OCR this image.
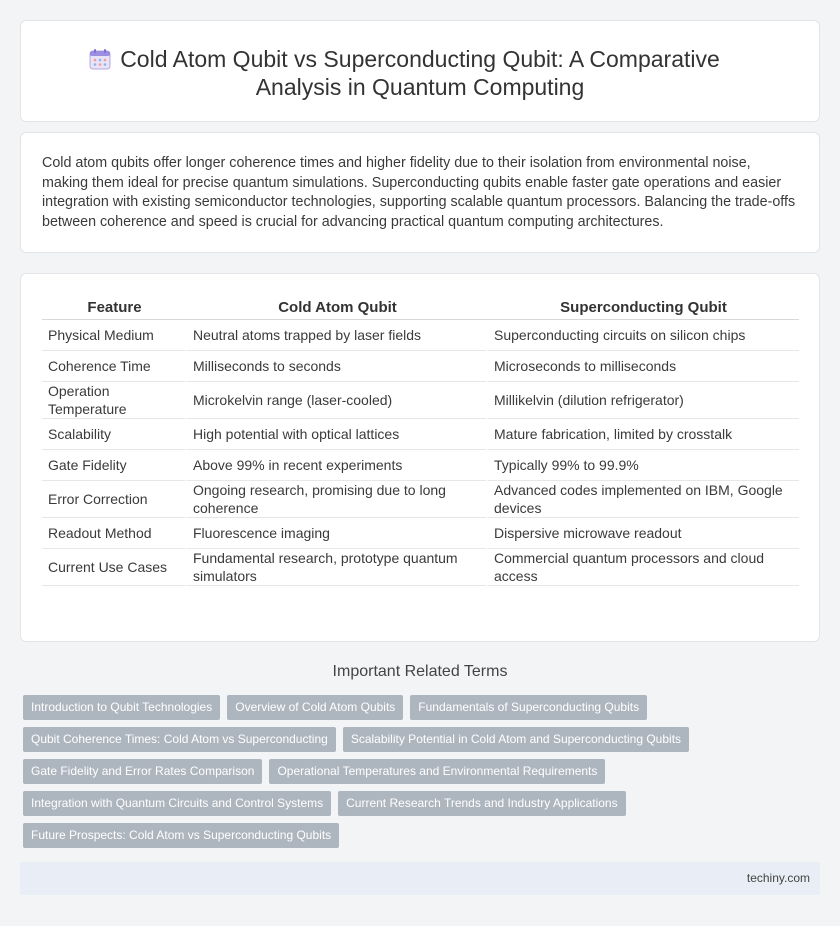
Cold Atom Qubit vs Superconducting Qubit: A Comparative
Analysis in Quantum Computing

Cold atom qubits offer longer coherence times and higher fidelity due to their isolation from environmental noise, making them ideal for precise quantum simulations. Superconducting qubits enable faster gate operations and easier integration with existing semiconductor technologies, supporting scalable quantum processors. Balancing the trade-offs between coherence and speed is crucial for advancing practical quantum computing architectures.

Feature	Cold Atom Qubit	Superconducting Qubit
Physical Medium	Neutral atoms trapped by laser fields	Superconducting circuits on silicon chips
Coherence Time	Milliseconds to seconds	Microseconds to milliseconds
Operation Temperature	Microkelvin range (laser-cooled)	Millikelvin (dilution refrigerator)
Scalability	High potential with optical lattices	Mature fabrication, limited by crosstalk
Gate Fidelity	Above 99% in recent experiments	Typically 99% to 99.9%
Error Correction	Ongoing research, promising due to long coherence	Advanced codes implemented on IBM, Google devices
Readout Method	Fluorescence imaging	Dispersive microwave readout
Current Use Cases	Fundamental research, prototype quantum simulators	Commercial quantum processors and cloud access
Important Related Terms
Introduction to Qubit Technologies Overview of Cold Atom Qubits Fundamentals of Superconducting Qubits
Qubit Coherence Times: Cold Atom vs Superconducting Scalability Potential in Cold Atom and Superconducting Qubits
Gate Fidelity and Error Rates Comparison Operational Temperatures and Environmental Requirements
Integration with Quantum Circuits and Control Systems Current Research Trends and Industry Applications
Future Prospects: Cold Atom vs Superconducting Qubits
techiny.com
